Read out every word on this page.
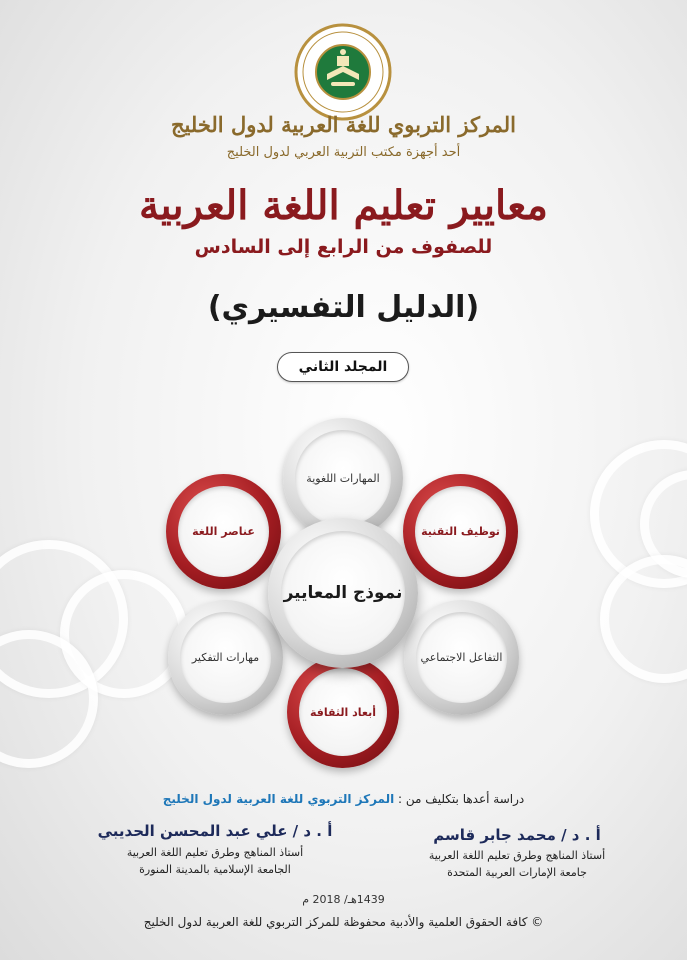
المركز التربوي للغة العربية لدول الخليج
أحد أجهزة مكتب التربية العربي لدول الخليج
معايير تعليم اللغة العربية
للصفوف من الرابع إلى السادس
(الدليل التفسيري)
المجلد الثاني
المهارات اللغوية
توظيف التقنية
التفاعل الاجتماعي
أبعاد الثقافة
مهارات التفكير
عناصر اللغة
نموذج المعايير
دراسة أعدها بتكليف من : المركز التربوي للغة العربية لدول الخليج
أ . د / محمد جابر قاسم
أستاذ المناهج وطرق تعليم اللغة العربية
جامعة الإمارات العربية المتحدة
أ . د / علي عبد المحسن الحديبي
أستاذ المناهج وطرق تعليم اللغة العربية
الجامعة الإسلامية بالمدينة المنورة
1439هـ/ 2018 م
© كافة الحقوق العلمية والأدبية محفوظة للمركز التربوي للغة العربية لدول الخليج
